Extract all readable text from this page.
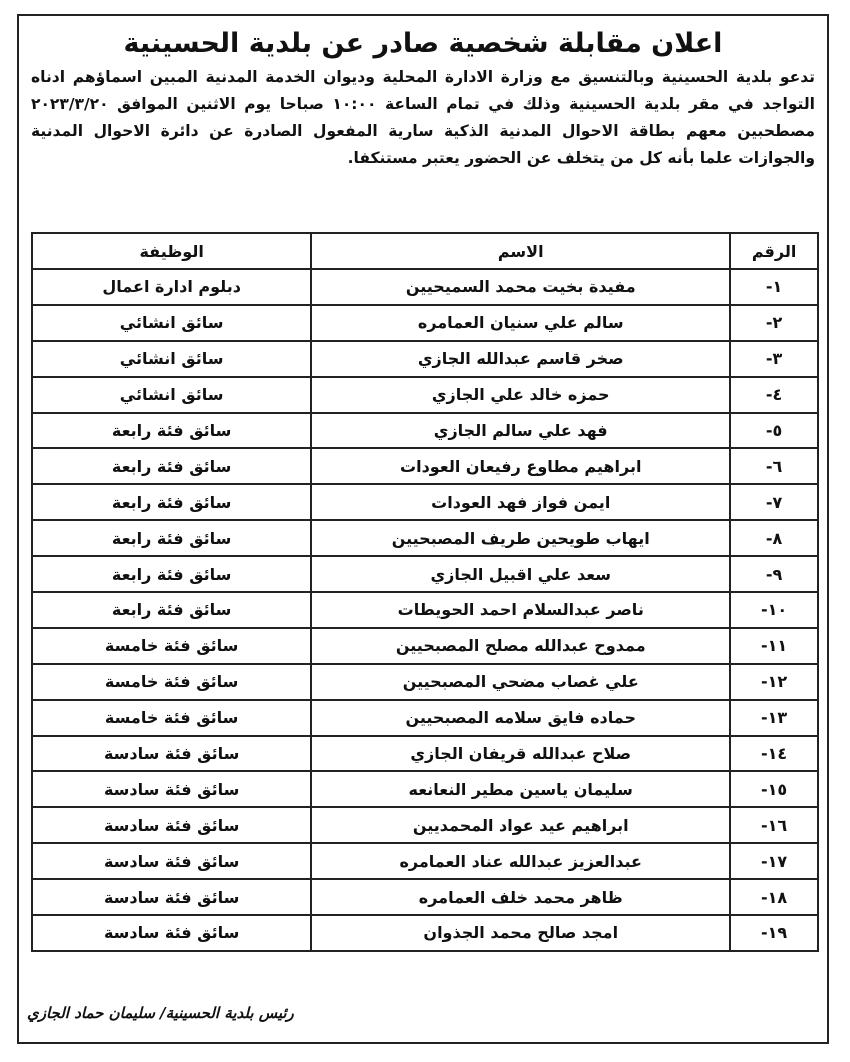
اعلان مقابلة شخصية صادر عن بلدية الحسينية
تدعو بلدية الحسينية وبالتنسيق مع وزارة الادارة المحلية وديوان الخدمة المدنية المبين اسماؤهم ادناه التواجد في مقر بلدية الحسينية وذلك في تمام الساعة ١٠:٠٠ صباحا يوم الاثنين الموافق ٢٠٢٣/٣/٢٠ مصطحبين معهم بطاقة الاحوال المدنية الذكية سارية المفعول الصادرة عن دائرة الاحوال المدنية والجوازات علما بأنه كل من يتخلف عن الحضور يعتبر مستنكفا.
الرقم	الاسم	الوظيفة
١-	مفيدة بخيت محمد السميحيين	دبلوم ادارة اعمال
٢-	سالم علي سنيان العمامره	سائق انشائي
٣-	صخر قاسم عبدالله الجازي	سائق انشائي
٤-	حمزه خالد علي الجازي	سائق انشائي
٥-	فهد علي سالم الجازي	سائق فئة رابعة
٦-	ابراهيم مطاوع رفيعان العودات	سائق فئة رابعة
٧-	ايمن فواز فهد العودات	سائق فئة رابعة
٨-	ايهاب طويحين طريف المصبحيين	سائق فئة رابعة
٩-	سعد علي اقبيل الجازي	سائق فئة رابعة
١٠-	ناصر عبدالسلام احمد الحويطات	سائق فئة رابعة
١١-	ممدوح عبدالله مصلح المصبحيين	سائق فئة خامسة
١٢-	علي غصاب مضحي المصبحيين	سائق فئة خامسة
١٣-	حماده فايق سلامه المصبحيين	سائق فئة خامسة
١٤-	صلاح عبدالله قريفان الجازي	سائق فئة سادسة
١٥-	سليمان ياسين مطير النعانعه	سائق فئة سادسة
١٦-	ابراهيم عيد عواد المحمديين	سائق فئة سادسة
١٧-	عبدالعزيز عبدالله عناد العمامره	سائق فئة سادسة
١٨-	ظاهر محمد خلف العمامره	سائق فئة سادسة
١٩-	امجد صالح محمد الجذوان	سائق فئة سادسة
رئيس بلدية الحسينية/ سليمان حماد الجازي
